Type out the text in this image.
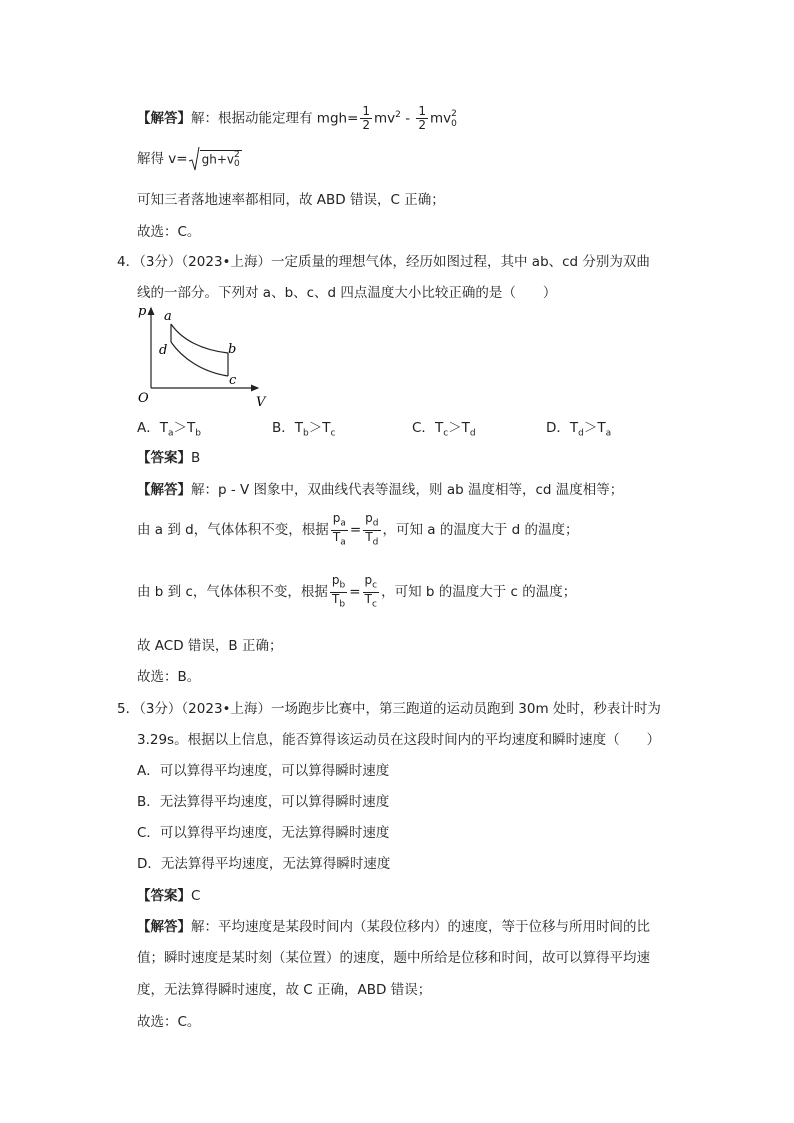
【解答】解：根据动能定理有 $mgh= \frac{1}{2} mv^2 - \frac{1}{2}$ mv 2
0
解得 v= gh+v 2
0
可知三者落地速率都相同，故 ABD 错误，C 正确；
故选：C。
4．（3分）（2023•上海）一定质量的理想气体，经历如图过程，其中 ab、cd 分别为双曲
线的一部分。下列对 a、b、c、d 四点温度大小比较正确的是（　　）
p
V
O
a
b
c
d
A．$T_a>T_b$	B．$T_b>T_c$	C．$T_c>T_d$	D．$T_d>T_a$
【答案】B
【解答】解：p - V 图象中，双曲线代表等温线，则 ab 温度相等，cd 温度相等；
由 a 到 d，气体体积不变，根据 $\frac{p_a}{T_a} = \frac{p_d}{T_d}$ ，可知 a 的温度大于 d 的温度；
由 b 到 c，气体体积不变，根据 $\frac{p_b}{T_b} = \frac{p_c}{T_c}$ ，可知 b 的温度大于 c 的温度；
故 ACD 错误，B 正确；
故选：B。
5．（3分）（2023•上海）一场跑步比赛中，第三跑道的运动员跑到 30m 处时，秒表计时为
3.29s。根据以上信息，能否算得该运动员在这段时间内的平均速度和瞬时速度（　　）
A．可以算得平均速度，可以算得瞬时速度
B．无法算得平均速度，可以算得瞬时速度
C．可以算得平均速度，无法算得瞬时速度
D．无法算得平均速度，无法算得瞬时速度
【答案】C
【解答】解：平均速度是某段时间内（某段位移内）的速度，等于位移与所用时间的比
值；瞬时速度是某时刻（某位置）的速度，题中所给是位移和时间，故可以算得平均速
度，无法算得瞬时速度，故 C 正确，ABD 错误；
故选：C。
